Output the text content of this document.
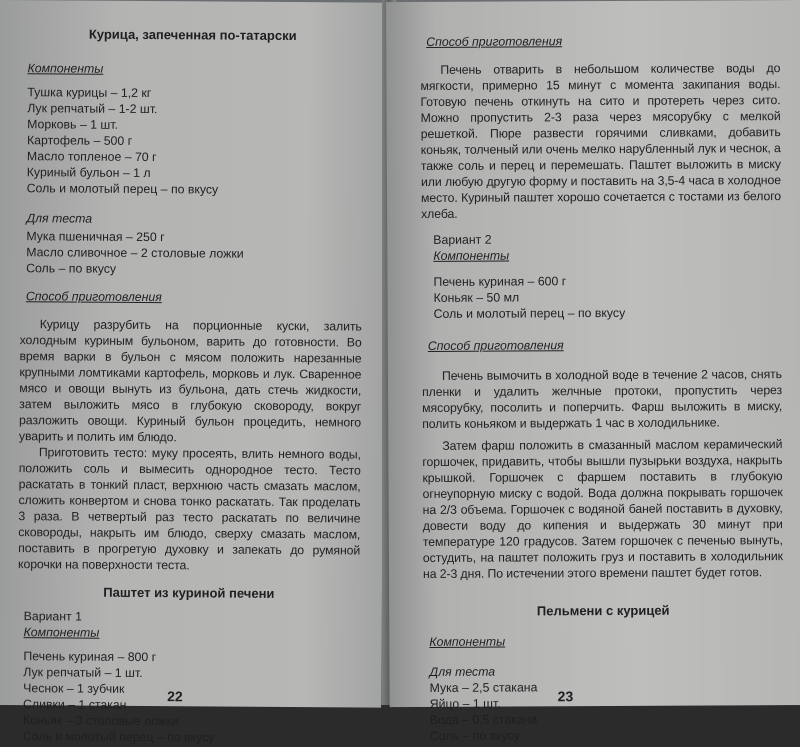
Курица, запеченная по-татарски
Компоненты
Тушка курицы – 1,2 кг
Лук репчатый – 1-2 шт.
Морковь – 1 шт.
Картофель – 500 г
Масло топленое – 70 г
Куриный бульон – 1 л
Соль и молотый перец – по вкусу
Для теста
Мука пшеничная – 250 г
Масло сливочное – 2 столовые ложки
Соль – по вкусу
Способ приготовления

Курицу разрубить на порционные куски, залить холодным куриным бульоном, варить до готовности. Во время варки в бульон с мясом положить нарезанные крупными ломтиками картофель, морковь и лук. Сваренное мясо и овощи вынуть из бульона, дать стечь жидкости, затем выложить мясо в глубокую сковороду, вокруг разложить овощи. Куриный бульон процедить, немного уварить и полить им блюдо.

Приготовить тесто: муку просеять, влить немного воды, положить соль и вымесить однородное тесто. Тесто раскатать в тонкий пласт, верхнюю часть смазать маслом, сложить конвертом и снова тонко раскатать. Так проделать 3 раза. В четвертый раз тесто раскатать по величине сковороды, накрыть им блюдо, сверху смазать маслом, поставить в прогретую духовку и запекать до румяной корочки на поверхности теста.

Паштет из куриной печени
Вариант 1
Компоненты
Печень куриная – 800 г
Лук репчатый – 1 шт.
Чеснок – 1 зубчик
Сливки – 1 стакан
Коньяк – 3 столовые ложки
Соль и молотый перец – по вкусу
22
Способ приготовления

Печень отварить в небольшом количестве воды до мягкости, примерно 15 минут с момента закипания воды. Готовую печень откинуть на сито и протереть через сито. Можно пропустить 2-3 раза через мясорубку с мелкой решеткой. Пюре развести горячими сливками, добавить коньяк, толченый или очень мелко нарубленный лук и чеснок, а также соль и перец и перемешать. Паштет выложить в миску или любую другую форму и поставить на 3,5-4 часа в холодное место. Куриный паштет хорошо сочетается с тостами из белого хлеба.

Вариант 2
Компоненты
Печень куриная – 600 г
Коньяк – 50 мл
Соль и молотый перец – по вкусу
Способ приготовления

Печень вымочить в холодной воде в течение 2 часов, снять пленки и удалить желчные протоки, пропустить через мясорубку, посолить и поперчить. Фарш выложить в миску, полить коньяком и выдержать 1 час в холодильнике.

Затем фарш положить в смазанный маслом керамический горшочек, придавить, чтобы вышли пузырьки воздуха, накрыть крышкой. Горшочек с фаршем поставить в глубокую огнеупорную миску с водой. Вода должна покрывать горшочек на 2/3 объема. Горшочек с водяной баней поставить в духовку, довести воду до кипения и выдержать 30 минут при температуре 120 градусов. Затем горшочек с печенью вынуть, остудить, на паштет положить груз и поставить в холодильник на 2-3 дня. По истечении этого времени паштет будет готов.

Пельмени с курицей
Компоненты
Для теста
Мука – 2,5 стакана
Яйцо – 1 шт.
Вода – 0,5 стакана
Соль – по вкусу
23
